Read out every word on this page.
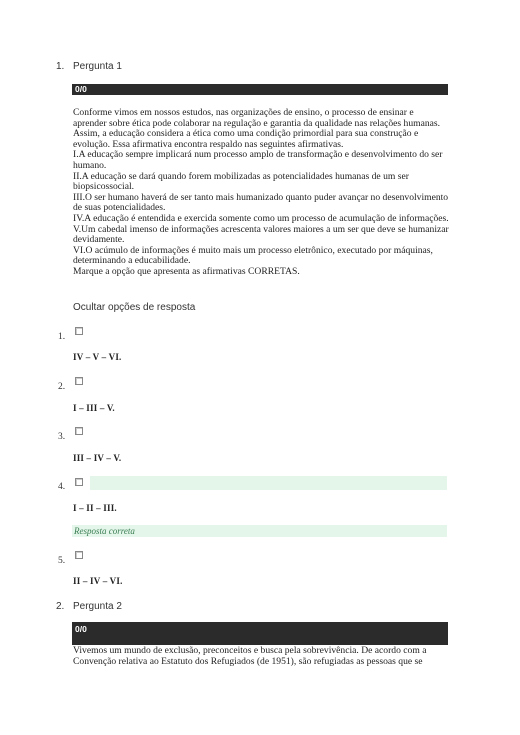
1. Pergunta 1
0/0

Conforme vimos em nossos estudos, nas organizações de ensino, o processo de ensinar e aprender sobre ética pode colaborar na regulação e garantia da qualidade nas relações humanas. Assim, a educação considera a ética como uma condição primordial para sua construção e evolução. Essa afirmativa encontra respaldo nas seguintes afirmativas.

I.A educação sempre implicará num processo amplo de transformação e desenvolvimento do ser humano.

II.A educação se dará quando forem mobilizadas as potencialidades humanas de um ser biopsicossocial.

III.O ser humano haverá de ser tanto mais humanizado quanto puder avançar no desenvolvimento de suas potencialidades.

IV.A educação é entendida e exercida somente como um processo de acumulação de informações.

V.Um cabedal imenso de informações acrescenta valores maiores a um ser que deve se humanizar devidamente.

VI.O acúmulo de informações é muito mais um processo eletrônico, executado por máquinas, determinando a educabilidade.

Marque a opção que apresenta as afirmativas CORRETAS.

Ocultar opções de resposta
1.
IV – V – VI.
2.
I – III – V.
3.
III – IV – V.
4.
I – II – III.
Resposta correta
5.
II – IV – VI.
2. Pergunta 2
0/0

Vivemos um mundo de exclusão, preconceitos e busca pela sobrevivência. De acordo com a Convenção relativa ao Estatuto dos Refugiados (de 1951), são refugiadas as pessoas que se
